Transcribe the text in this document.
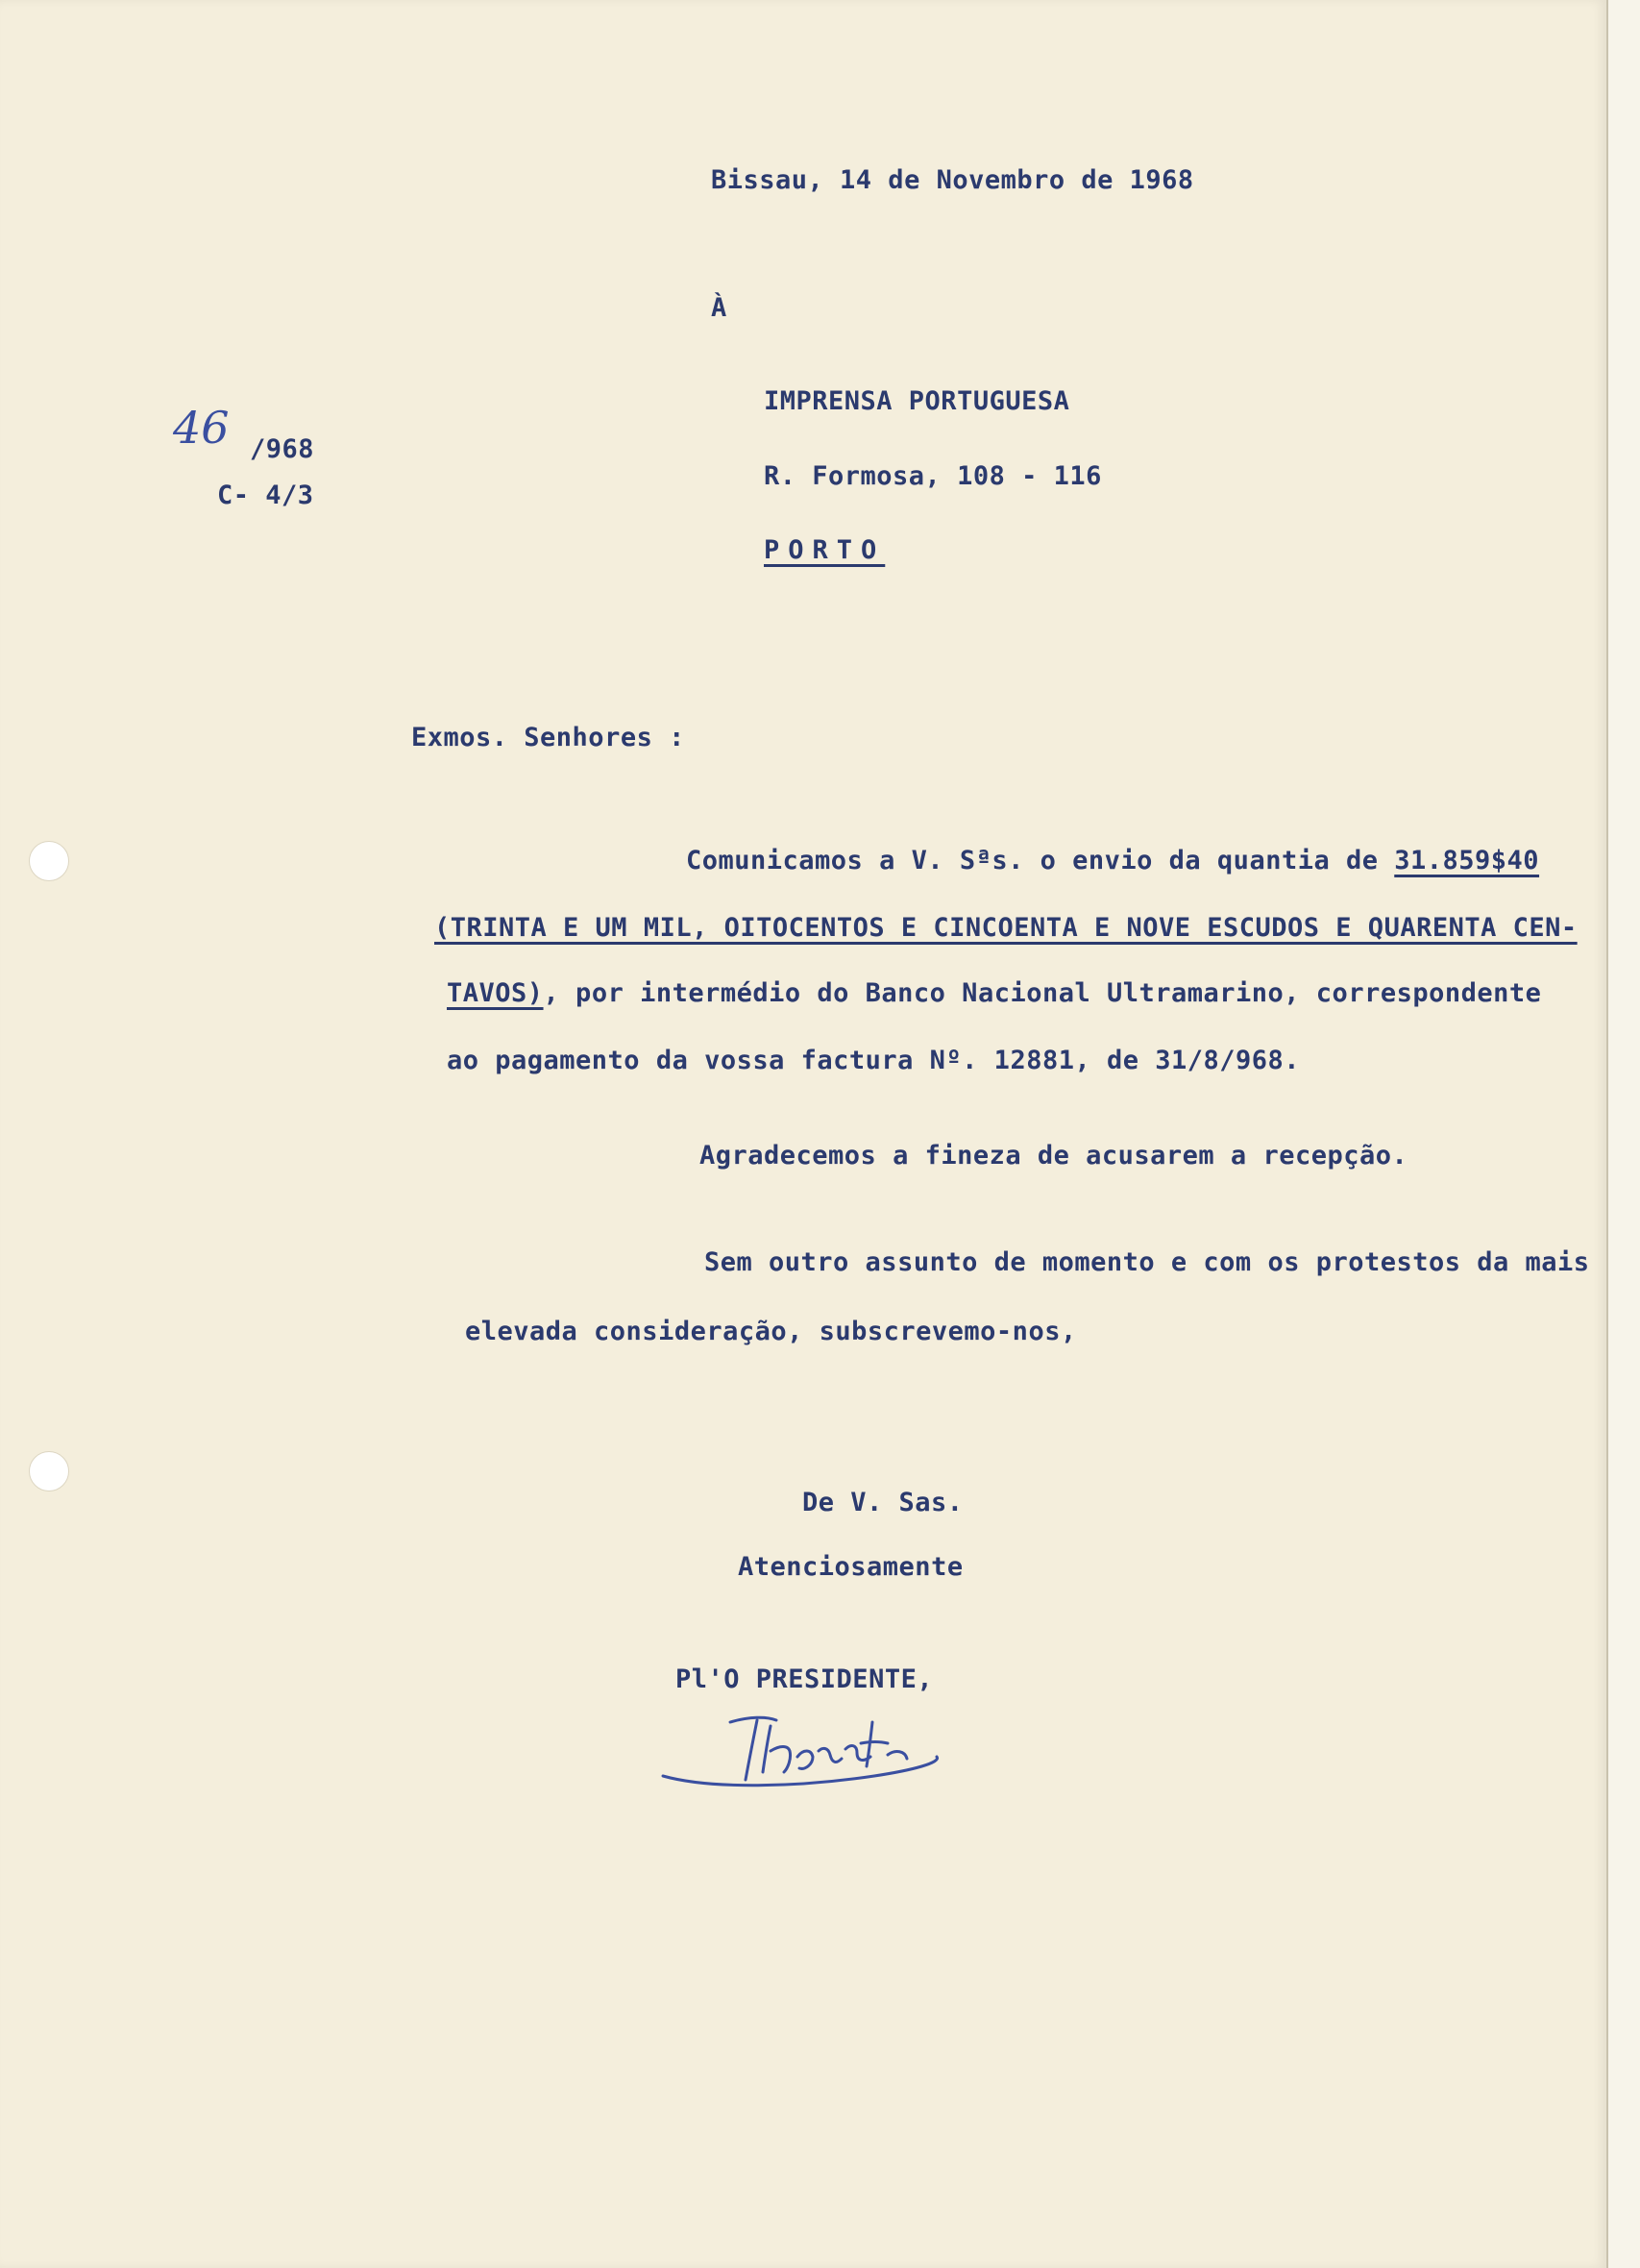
Bissau, 14 de Novembro de 1968

À

IMPRENSA PORTUGUESA

R. Formosa, 108 - 116

PORTO

46 /968

C- 4/3

Exmos. Senhores :

Comunicamos a V. Sªs. o envio da quantia de 31.859$40

(TRINTA E UM MIL, OITOCENTOS E CINCOENTA E NOVE ESCUDOS E QUARENTA CEN-

TAVOS), por intermédio do Banco Nacional Ultramarino, correspondente

ao pagamento da vossa factura Nº. 12881, de 31/8/968.

Agradecemos a fineza de acusarem a recepção.

Sem outro assunto de momento e com os protestos da mais

elevada consideração, subscrevemo-nos,

De V. Sas.

Atenciosamente

Pl'O PRESIDENTE,
